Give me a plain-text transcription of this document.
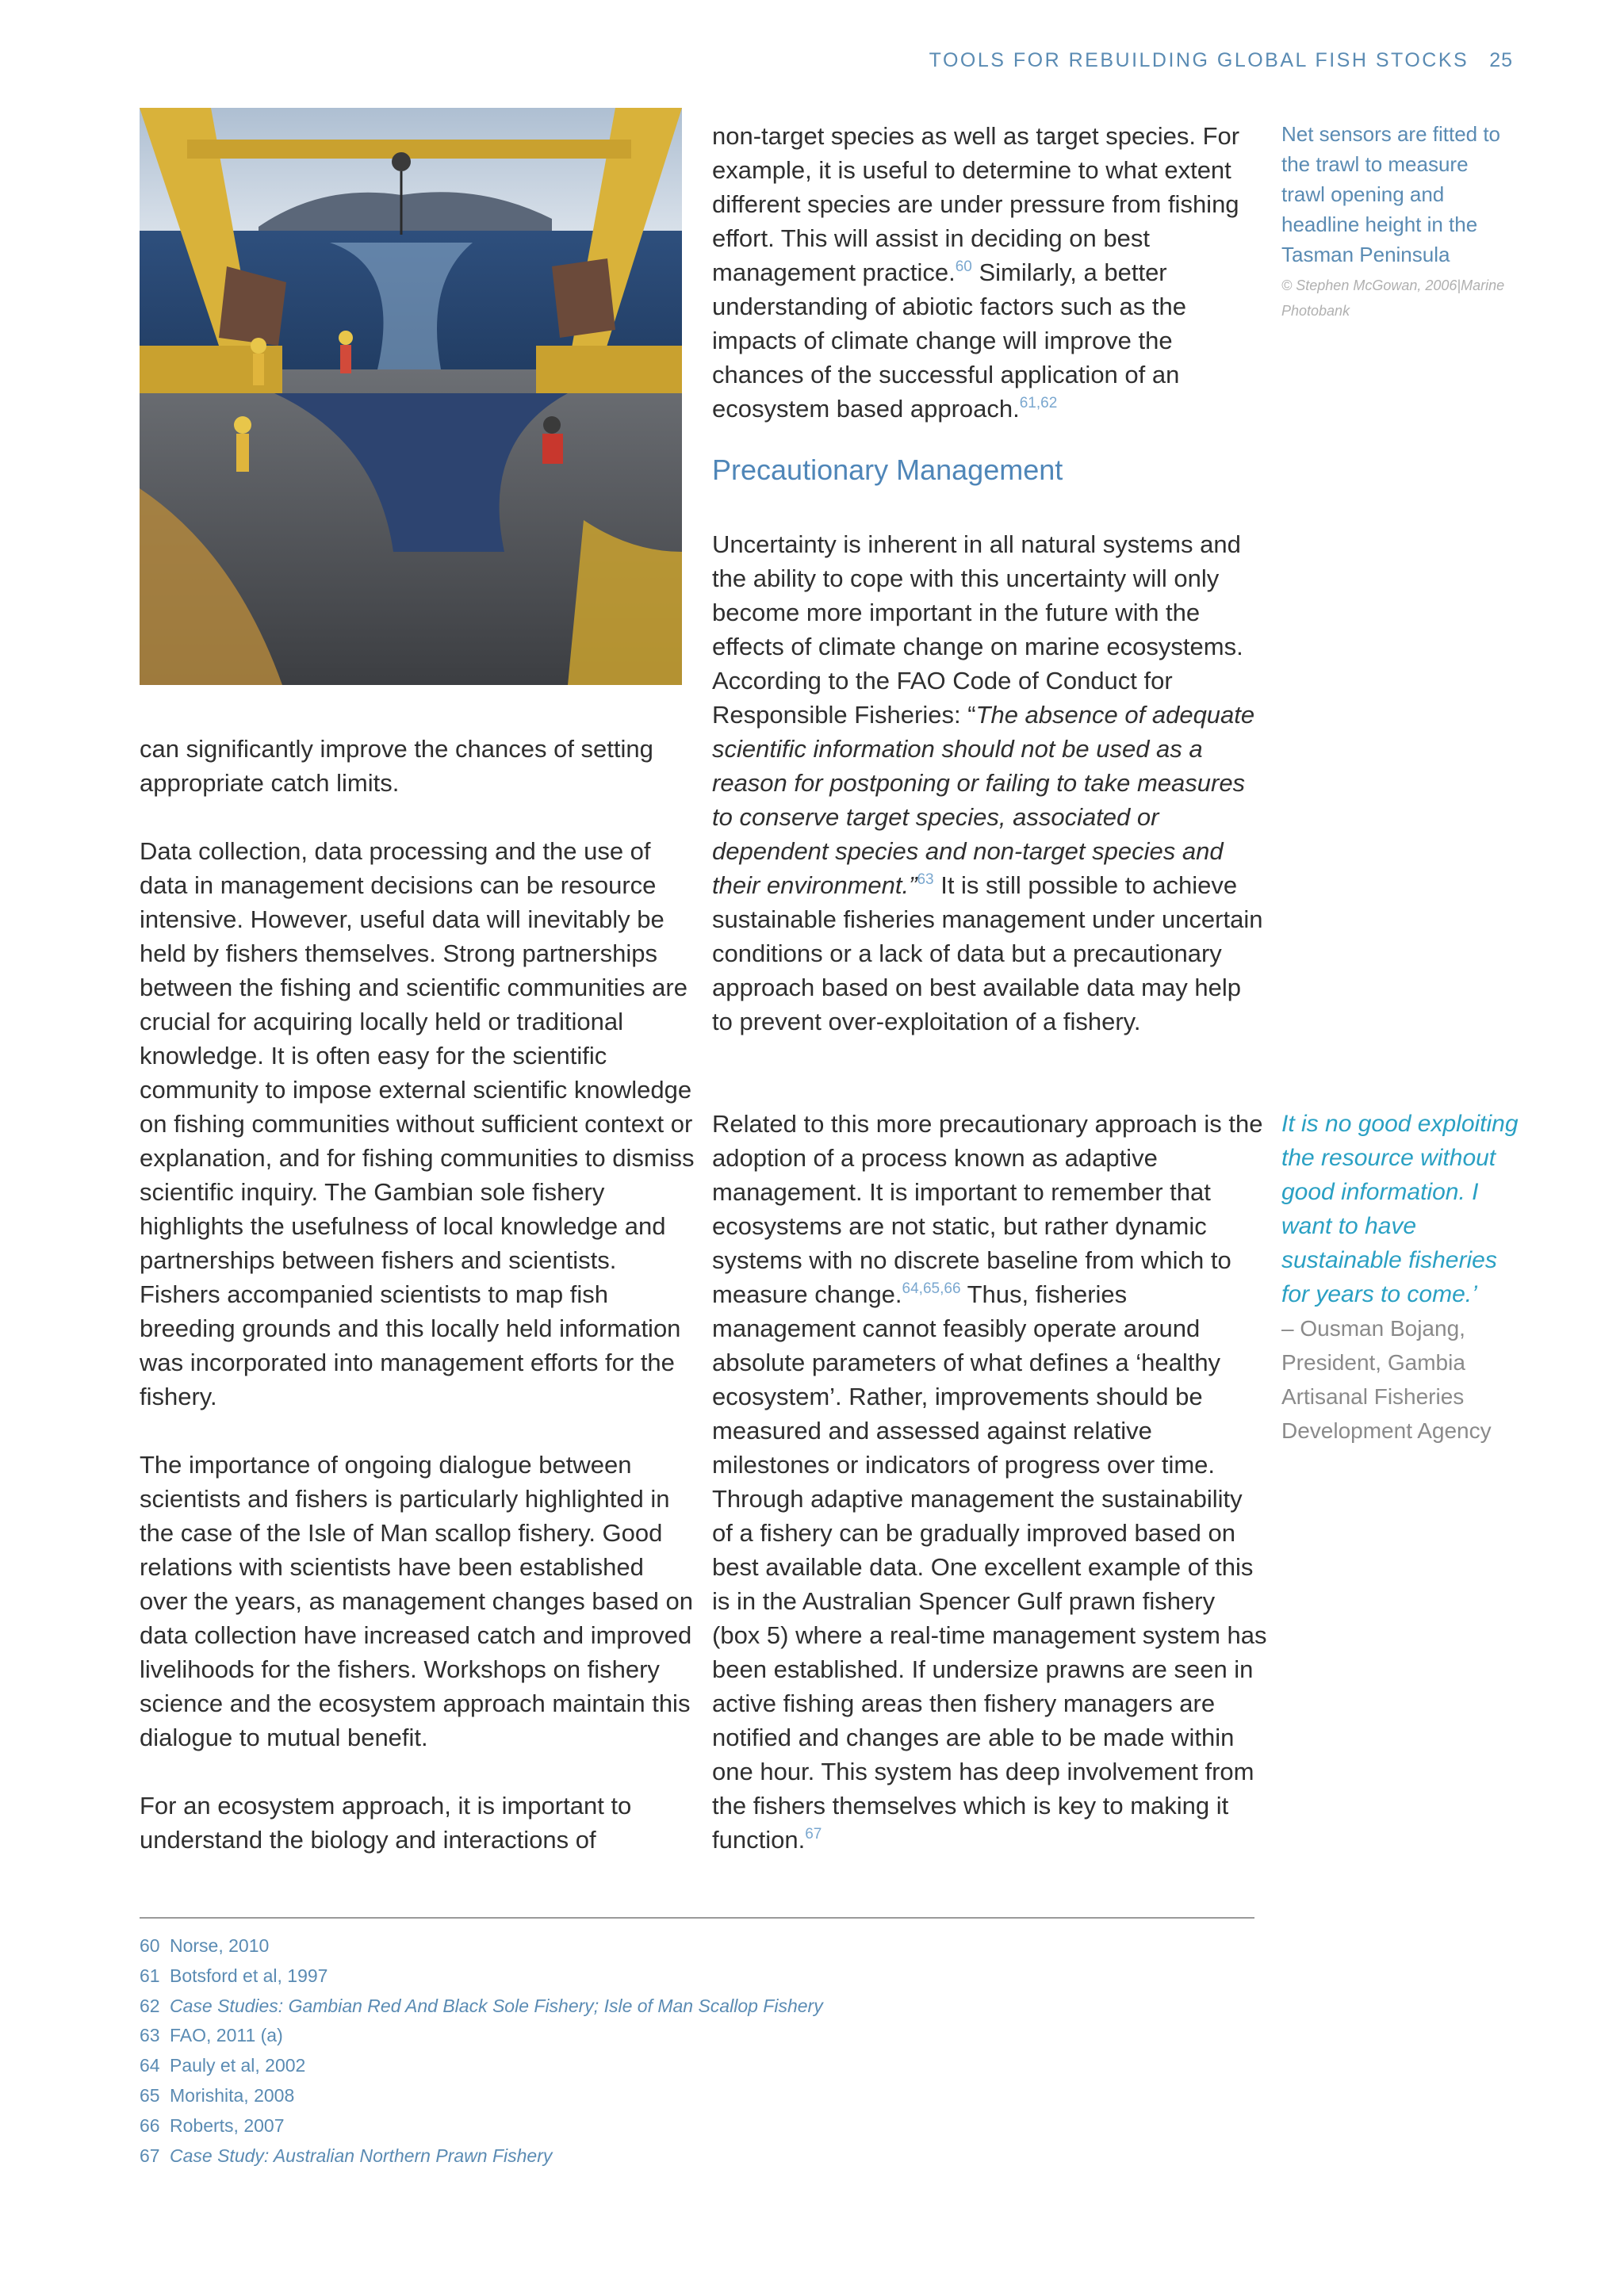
TOOLS FOR REBUILDING GLOBAL FISH STOCKS 25
Net sensors are fitted to the trawl to measure trawl opening and headline height in the Tasman Peninsula
© Stephen McGowan, 2006|Marine Photobank

can significantly improve the chances of setting appropriate catch limits.

Data collection, data processing and the use of data in management decisions can be resource intensive. However, useful data will inevitably be held by fishers themselves. Strong partnerships between the fishing and scientific communities are crucial for acquiring locally held or traditional knowledge. It is often easy for the scientific community to impose external scientific knowledge on fishing communities without sufficient context or explanation, and for fishing communities to dismiss scientific inquiry. The Gambian sole fishery highlights the usefulness of local knowledge and partnerships between fishers and scientists. Fishers accompanied scientists to map fish breeding grounds and this locally held information was incorporated into management efforts for the fishery.

The importance of ongoing dialogue between scientists and fishers is particularly highlighted in the case of the Isle of Man scallop fishery. Good relations with scientists have been established over the years, as management changes based on data collection have increased catch and improved livelihoods for the fishers. Workshops on fishery science and the ecosystem approach maintain this dialogue to mutual benefit.

For an ecosystem approach, it is important to understand the biology and interactions of

non-target species as well as target species. For example, it is useful to determine to what extent different species are under pressure from fishing effort. This will assist in deciding on best management practice.$^{60}$ Similarly, a better understanding of abiotic factors such as the impacts of climate change will improve the chances of the successful application of an ecosystem based approach.$^{61,62}$

Precautionary Management

Uncertainty is inherent in all natural systems and the ability to cope with this uncertainty will only become more important in the future with the effects of climate change on marine ecosystems. According to the FAO Code of Conduct for Responsible Fisheries: “The absence of adequate scientific information should not be used as a reason for postponing or failing to take measures to conserve target species, associated or dependent species and non-target species and their environment.”$^{63}$ It is still possible to achieve sustainable fisheries management under uncertain conditions or a lack of data but a precautionary approach based on best available data may help to prevent over-exploitation of a fishery.

Related to this more precautionary approach is the adoption of a process known as adaptive management. It is important to remember that ecosystems are not static, but rather dynamic systems with no discrete baseline from which to measure change.$^{64,65,66}$ Thus, fisheries management cannot feasibly operate around absolute parameters of what defines a ‘healthy ecosystem’. Rather, improvements should be measured and assessed against relative milestones or indicators of progress over time. Through adaptive management the sustainability of a fishery can be gradually improved based on best available data. One excellent example of this is in the Australian Spencer Gulf prawn fishery (box 5) where a real-time management system has been established. If undersize prawns are seen in active fishing areas then fishery managers are notified and changes are able to be made within one hour. This system has deep involvement from the fishers themselves which is key to making it function.$^{67}$

It is no good exploiting the resource without good information. I want to have sustainable fisheries for years to come.’
– Ousman Bojang, President, Gambia Artisanal Fisheries Development Agency
60 Norse, 2010
61 Botsford et al, 1997
62 Case Studies: Gambian Red And Black Sole Fishery; Isle of Man Scallop Fishery
63 FAO, 2011 (a)
64 Pauly et al, 2002
65 Morishita, 2008
66 Roberts, 2007
67 Case Study: Australian Northern Prawn Fishery
